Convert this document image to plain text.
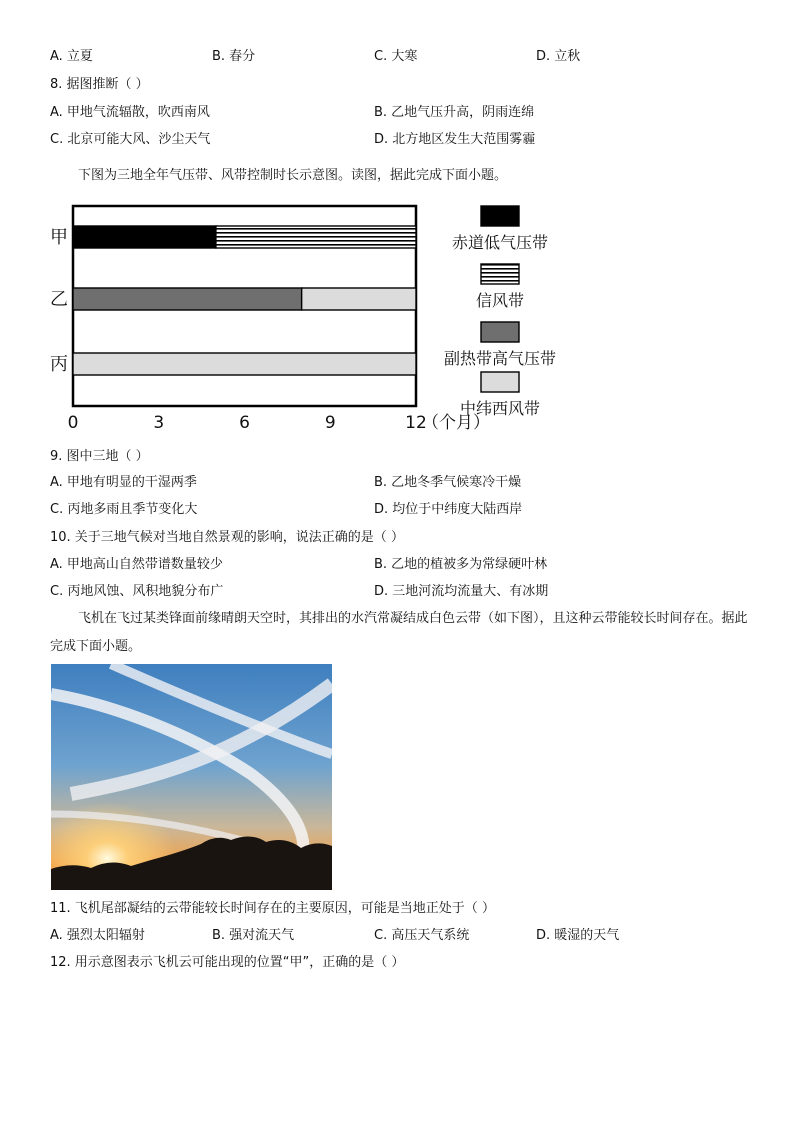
A. 立夏	B. 春分	C. 大寒	D. 立秋
8. 据图推断（ ）
A. 甲地气流辐散，吹西南风	B. 乙地气压升高，阴雨连绵
C. 北京可能大风、沙尘天气	D. 北方地区发生大范围雾霾
下图为三地全年气压带、风带控制时长示意图。读图，据此完成下面小题。
甲
乙
丙
0	3	6	9	12
（个月）
赤道低气压带
信风带
副热带高气压带
中纬西风带
9. 图中三地（ ）
A. 甲地有明显的干湿两季	B. 乙地冬季气候寒冷干燥
C. 丙地多雨且季节变化大	D. 均位于中纬度大陆西岸
10. 关于三地气候对当地自然景观的影响，说法正确的是（ ）
A. 甲地高山自然带谱数量较少	B. 乙地的植被多为常绿硬叶林
C. 丙地风蚀、风积地貌分布广	D. 三地河流均流量大、有冰期
飞机在飞过某类锋面前缘晴朗天空时，其排出的水汽常凝结成白色云带（如下图），且这种云带能较长时间存在。据此完成下面小题。
11. 飞机尾部凝结的云带能较长时间存在的主要原因，可能是当地正处于（ ）
A. 强烈太阳辐射	B. 强对流天气	C. 高压天气系统	D. 暖湿的天气
12. 用示意图表示飞机云可能出现的位置“甲”，正确的是（ ）
